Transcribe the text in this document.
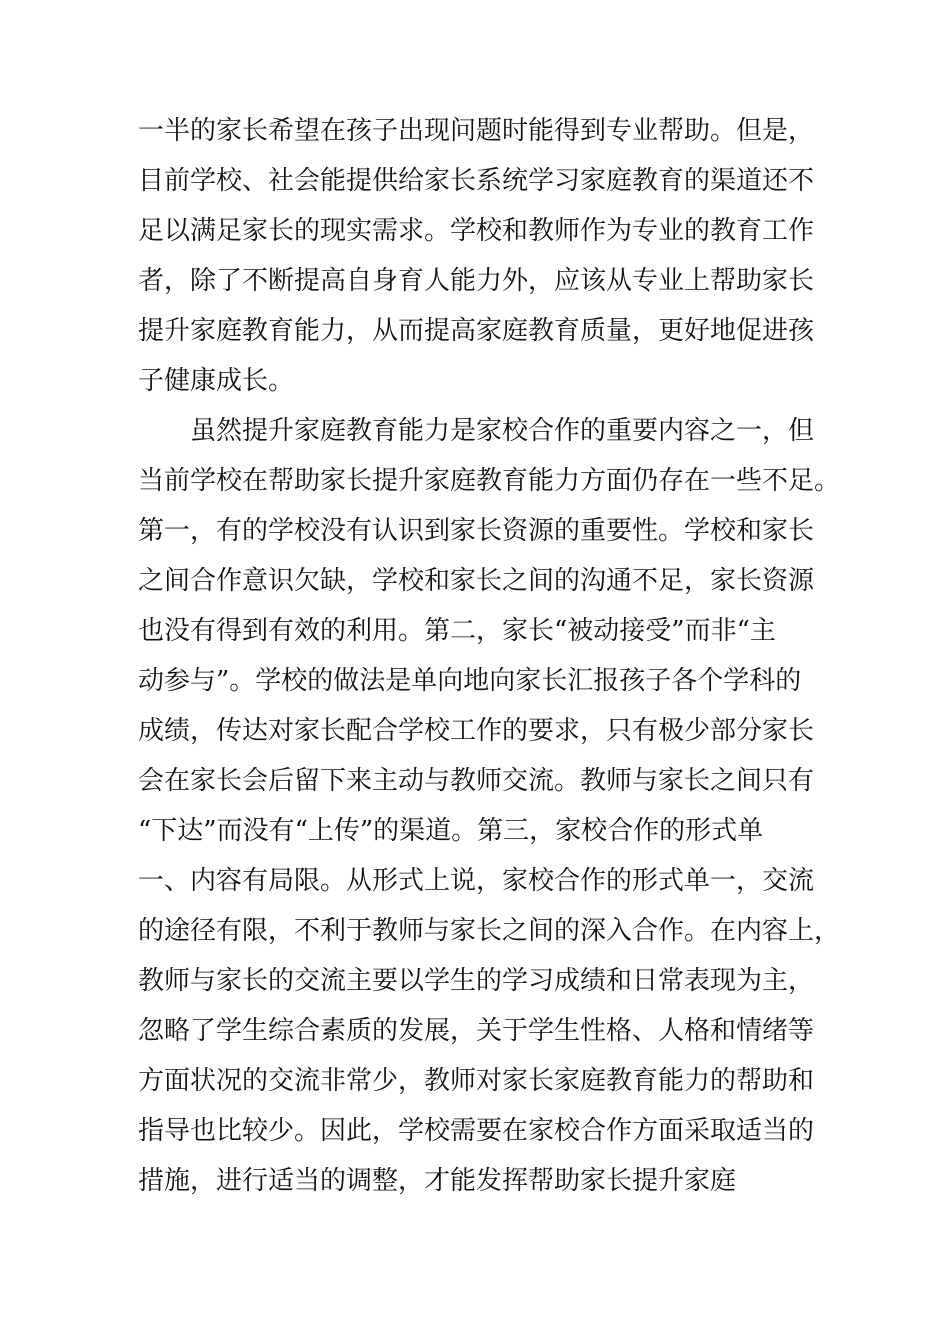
一半的家长希望在孩子出现问题时能得到专业帮助。但是，
目前学校、社会能提供给家长系统学习家庭教育的渠道还不
足以满足家长的现实需求。学校和教师作为专业的教育工作
者，除了不断提高自身育人能力外，应该从专业上帮助家长
提升家庭教育能力，从而提高家庭教育质量，更好地促进孩
子健康成长。
虽然提升家庭教育能力是家校合作的重要内容之一，但
当前学校在帮助家长提升家庭教育能力方面仍存在一些不足。
第一，有的学校没有认识到家长资源的重要性。学校和家长
之间合作意识欠缺，学校和家长之间的沟通不足，家长资源
也没有得到有效的利用。第二，家长“被动接受”而非“主
动参与”。学校的做法是单向地向家长汇报孩子各个学科的
成绩，传达对家长配合学校工作的要求，只有极少部分家长
会在家长会后留下来主动与教师交流。教师与家长之间只有
“下达”而没有“上传”的渠道。第三，家校合作的形式单
一、内容有局限。从形式上说，家校合作的形式单一，交流
的途径有限，不利于教师与家长之间的深入合作。在内容上，
教师与家长的交流主要以学生的学习成绩和日常表现为主，
忽略了学生综合素质的发展，关于学生性格、人格和情绪等
方面状况的交流非常少，教师对家长家庭教育能力的帮助和
指导也比较少。因此，学校需要在家校合作方面采取适当的
措施，进行适当的调整，才能发挥帮助家长提升家庭
